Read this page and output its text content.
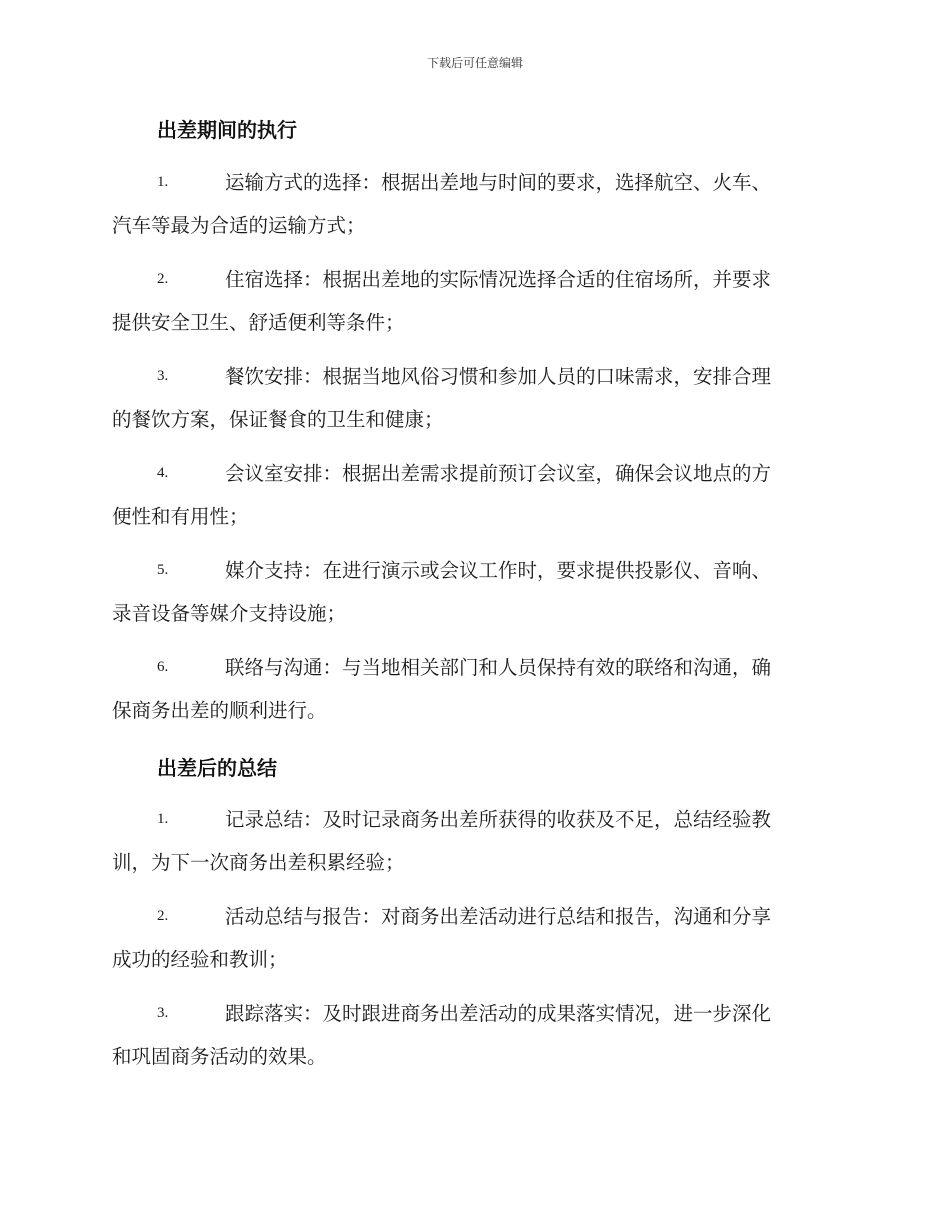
下载后可任意编辑
出差期间的执行
1.	运输方式的选择：根据出差地与时间的要求，选择航空、火车、
汽车等最为合适的运输方式；
2.	住宿选择：根据出差地的实际情况选择合适的住宿场所，并要求
提供安全卫生、舒适便利等条件；
3.	餐饮安排：根据当地风俗习惯和参加人员的口味需求，安排合理
的餐饮方案，保证餐食的卫生和健康；
4.	会议室安排：根据出差需求提前预订会议室，确保会议地点的方
便性和有用性；
5.	媒介支持：在进行演示或会议工作时，要求提供投影仪、音响、
录音设备等媒介支持设施；
6.	联络与沟通：与当地相关部门和人员保持有效的联络和沟通，确
保商务出差的顺利进行。
出差后的总结
1.	记录总结：及时记录商务出差所获得的收获及不足，总结经验教
训，为下一次商务出差积累经验；
2.	活动总结与报告：对商务出差活动进行总结和报告，沟通和分享
成功的经验和教训；
3.	跟踪落实：及时跟进商务出差活动的成果落实情况，进一步深化
和巩固商务活动的效果。
